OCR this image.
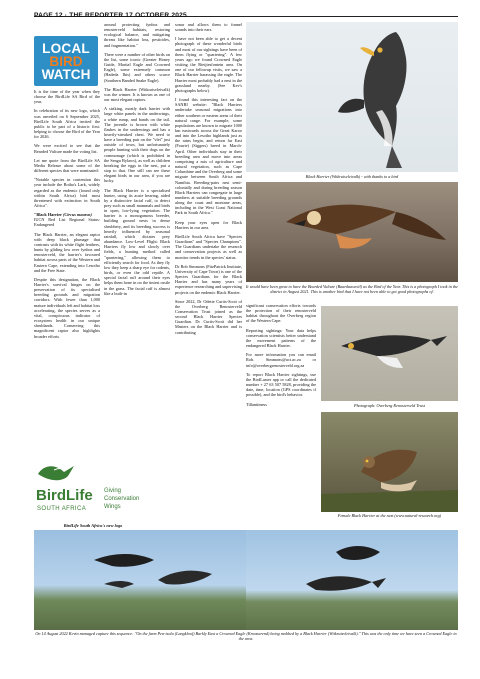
PAGE 12 · THE REPORTER 17 OCTOBER 2025
LOCAL
BIRD
WATCH

It is the time of the year when they choose the BirdLife SA Bird of the year.

In celebration of its new logo, which was unveiled on 6 September 2025, BirdLife South Africa invited the public to be part of a historic first: helping to choose the Bird of the Year for 2026.

We were excited to see that the Bearded Vulture made the voting list.

Let me quote from the BirdLife SA Media Release about some of the different species that were nominated:

"Notable species in contention this year include the Botha's Lark, widely regarded as the endemic (found only within South Africa) bird most threatened with extinction in South Africa".

"Black Harrier (Circus maurus)

IUCN Red List Regional Status: Endangered

The Black Harrier, an elegant raptor with deep black plumage that contrasts with its white flight feathers, hunts by gliding low over fynbos and renosterveld, the harrier's favoured habitat across parts of the Western and Eastern Cape, extending into Lesotho and the Free State.

Despite this designation, the Black Harrier's survival hinges on the preservation of its specialised breeding grounds and migration corridors. With fewer than 1,000 mature individuals left and habitat loss accelerating, the species serves as a vital, conspicuous indicator of ecosystem health in our unique shrublands. Conserving this magnificent raptor also highlights broader efforts

BirdLife
SOUTH AFRICA
Giving
Conservation
Wings
BirdLife South Africa's new logo

around protecting fynbos and renosterveld habitats, restoring ecological balance, and mitigating threats like habitat loss, pesticides, and fragmentation."

There were a number of other birds on the list, some iconic (Greater Honey Guide, Martial Eagle and Crowned Eagle), some extremely common (Hadeda Ibis) and others scarce (Southern Banded Snake Eagle).

The Black Harrier (Witkruisvleivalk) was the winner. It is known as one of our most elegant raptors.

A striking, mostly dark harrier with large white panels in the underwings, a white rump, and bands on the tail. The juvenile is brown with white flashes in the underwings and has a heavily-streaked chest. We need to have a breeding pair on the "vlei" just outside of town, but unfortunately people hunting with their dogs on the commonage (which is prohibited in the Sengu Bylaws), as well as children breaking the eggs in the nest, put a stop to that. One still can see these elegant birds in our area, if you are lucky.

The Black Harrier is a specialised hunter, using its acute hearing, aided by a distinctive facial ruff, to detect prey such as small mammals and birds in open, low-lying vegetation. The harrier is a monogamous breeder, building ground nests in dense shrubbery, and its breeding success is heavily influenced by seasonal rainfall, which dictates prey abundance. Low-Level Flight: Black Harriers fly low and slowly over fields, a hunting method called "quartering," allowing them to efficiently search for food. As they fly low they keep a sharp eye for rodents, birds, or even the odd reptile. A special facial ruff around their eyes helps them hone in on the tiniest rustle in the grass. The facial ruff is almost like a built-in

sonar and allows them to funnel sounds into their ears.

I have not been able to get a decent photograph of these wonderful birds and most of our sightings have been of them flying or "quartering". A few years ago we found Crowned Eagle visiting the Rietjiesfontein area. On one of our fellowup visits, we saw a Black Harrier harassing the eagle. The Harrier most probably had a nest in the grassland nearby. (See Kev's photographs below).

I found this interesting fact on the SANBI website: "Black Harriers undertake seasonal migrations into either southern or eastern areas of their natural range. For example, some populations are known to migrate 1000 km eastwards across the Great Karoo and into the Lesotho highlands just as the rains begin, and return far East (Fourie) (Siggers) breed in March-April. Other individuals stay in their breeding area and move into areas comprising a mix of agriculture and natural vegetation, such as Cape Columbine and the Overberg and some migrate between South Africa and Namibia. Breeding-pairs nest semi-colonially and during breeding season Black Harriers can congregate in large numbers at suitable breeding grounds along the coast and montane areas, including in the West Coast National Park in South Africa."

Keep your eyes open for Black Harriers in our area.

BirdLife South Africa have "Species Guardians" and "Species Champions". The Guardians undertake the research and conservation projects as well as monitor trends in the species' status.

Dr Rob Simmons (FitzPatrick Institute, University of Cape Town) is one of the Species Guardians for the Black Harrier and has many years of experience researching and supervising projects on the endemic Black Harrier.

Since 2022, Dr Odette Curtis-Scott of the Overberg Renosterveld Conservation Trust joined as the second Black Harrier Species Guardian. Dr Curtis-Scott did her Masters on the Black Harrier and is contributing

Black Harrier (Witkruisvleivalk) - with thanks to a bird
It would have been great to have the Bearded Vulture (Baardaasvoël) as the Bird of the Year. This is a photograph I took in the district in August 2021. This is another bird that I have not been able to get good photographs of.

significant conservation efforts towards the protection of their renosterveld habitat throughout the Overberg region of the Western Cape.

Reporting sightings: Your data helps conservation scientists better understand the movement patterns of the endangered Black Harrier.

For more information you can email Rob. Simmons@uct.ac.za or info@overbergrenosterveld.org.za

To report Black Harrier sightings, use the BirdLasser app or call the dedicated number + 27 63 507 5828, providing the date, time, location (GPS coordinates if possible), and the bird's behavior.

Tillanttiness	Photograph: Overberg Renosterveld Trust
Female Black Harrier at the nest (www.natural-research.org)
On 14 August 2022 Kevin managed capture this sequence: "On the farm Pen-isola (Langkloof) Barkly East a Crowned Eagle (Kroonarend) being mobbed by a Black Harrier (Witkruisvleivalk)." This was the only time we have seen a Crowned Eagle in the area.
